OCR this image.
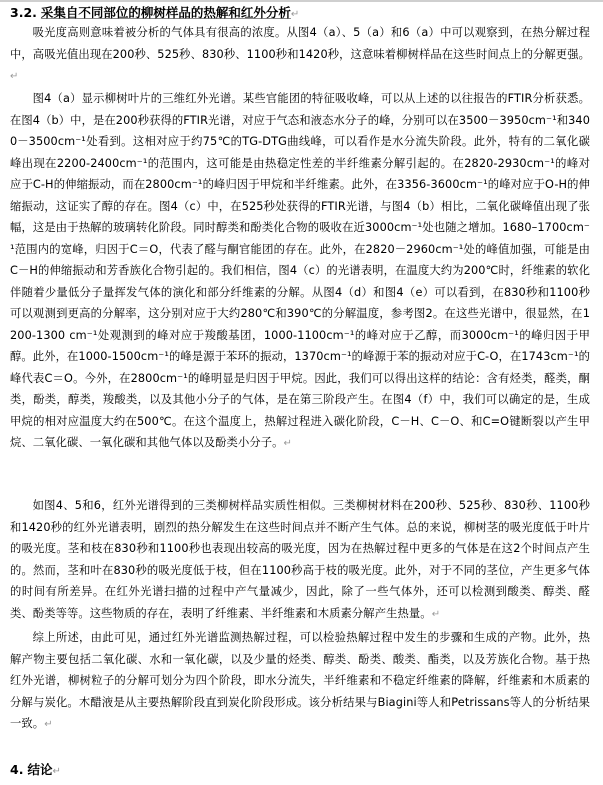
3.2. 采集自不同部位的柳树样品的热解和红外分析↵

吸光度高则意味着被分析的气体具有很高的浓度。从图4（a）、5（a）和6（a）中可以观察到，在热分解过程中，高吸光值出现在200秒、525秒、830秒、1100秒和1420秒，这意味着柳树样品在这些时间点上的分解更强。↵

图4（a）显示柳树叶片的三维红外光谱。某些官能团的特征吸收峰，可以从上述的以往报告的FTIR分析获悉。在图4（b）中，是在200秒获得的FTIR光谱，对应于气态和液态水分子的峰，分别可以在3500－3950cm⁻¹和3400－3500cm⁻¹处看到。这相对应于约75℃的TG-DTG曲线峰，可以看作是水分流失阶段。此外，特有的二氧化碳峰出现在2200-2400cm⁻¹的范围内，这可能是由热稳定性差的半纤维素分解引起的。在2820-2930cm⁻¹的峰对应于C-H的伸缩振动，而在2800cm⁻¹的峰归因于甲烷和半纤维素。此外，在3356-3600cm⁻¹的峰对应于O-H的伸缩振动，这证实了醇的存在。图4（c）中，在525秒处获得的FTIR光谱，与图4（b）相比，二氧化碳峰值出现了张幅，这是由于热解的玻璃转化阶段。同时醇类和酚类化合物的吸收在近3000cm⁻¹处也随之增加。1680–1700cm⁻¹范围内的宽峰，归因于C＝O，代表了醛与酮官能团的存在。此外，在2820－2960cm⁻¹处的峰值加强，可能是由C－H的伸缩振动和芳香族化合物引起的。我们相信，图4（c）的光谱表明，在温度大约为200℃时，纤维素的软化伴随着少量低分子量挥发气体的演化和部分纤维素的分解。从图4（d）和图4（e）可以看到，在830秒和1100秒可以观测到更高的分解率，这分别对应于大约280℃和390℃的分解温度，参考图2。在这些光谱中，很显然，在1200-1300 cm⁻¹处观测到的峰对应于羧酸基团，1000-1100cm⁻¹的峰对应于乙醇，而3000cm⁻¹的峰归因于甲醇。此外，在1000-1500cm⁻¹的峰是源于苯环的振动，1370cm⁻¹的峰源于苯的振动对应于C-O，在1743cm⁻¹的峰代表C＝O。今外，在2800cm⁻¹的峰明显是归因于甲烷。因此，我们可以得出这样的结论：含有烃类，醛类，酮类，酚类，醇类，羧酸类，以及其他小分子的气体，是在第三阶段产生。在图4（f）中，我们可以确定的是，生成甲烷的相对应温度大约在500℃。在这个温度上，热解过程进入碳化阶段，C－H、C－O、和C=O键断裂以产生甲烷、二氧化碳、一氧化碳和其他气体以及酚类小分子。↵

如图4、5和6，红外光谱得到的三类柳树样品实质性相似。三类柳树材料在200秒、525秒、830秒、1100秒和1420秒的红外光谱表明，剧烈的热分解发生在这些时间点并不断产生气体。总的来说，柳树茎的吸光度低于叶片的吸光度。茎和枝在830秒和1100秒也表现出较高的吸光度，因为在热解过程中更多的气体是在这2个时间点产生的。然而，茎和叶在830秒的吸光度低于枝，但在1100秒高于枝的吸光度。此外，对于不同的茎位，产生更多气体的时间有所差异。在红外光谱扫描的过程中产气量减少，因此，除了一些气体外，还可以检测到酸类、醇类、醛类、酚类等等。这些物质的存在，表明了纤维素、半纤维素和木质素分解产生热量。↵

综上所述，由此可见，通过红外光谱监测热解过程，可以检验热解过程中发生的步骤和生成的产物。此外，热解产物主要包括二氧化碳、水和一氧化碳，以及少量的烃类、醇类、酚类、酸类、酯类，以及芳族化合物。基于热红外光谱，柳树粒子的分解可划分为四个阶段，即水分流失，半纤维素和不稳定纤维素的降解，纤维素和木质素的分解与炭化。木醋液是从主要热解阶段直到炭化阶段形成。该分析结果与Biagini等人和Petrissans等人的分析结果一致。↵

4. 结论↵
